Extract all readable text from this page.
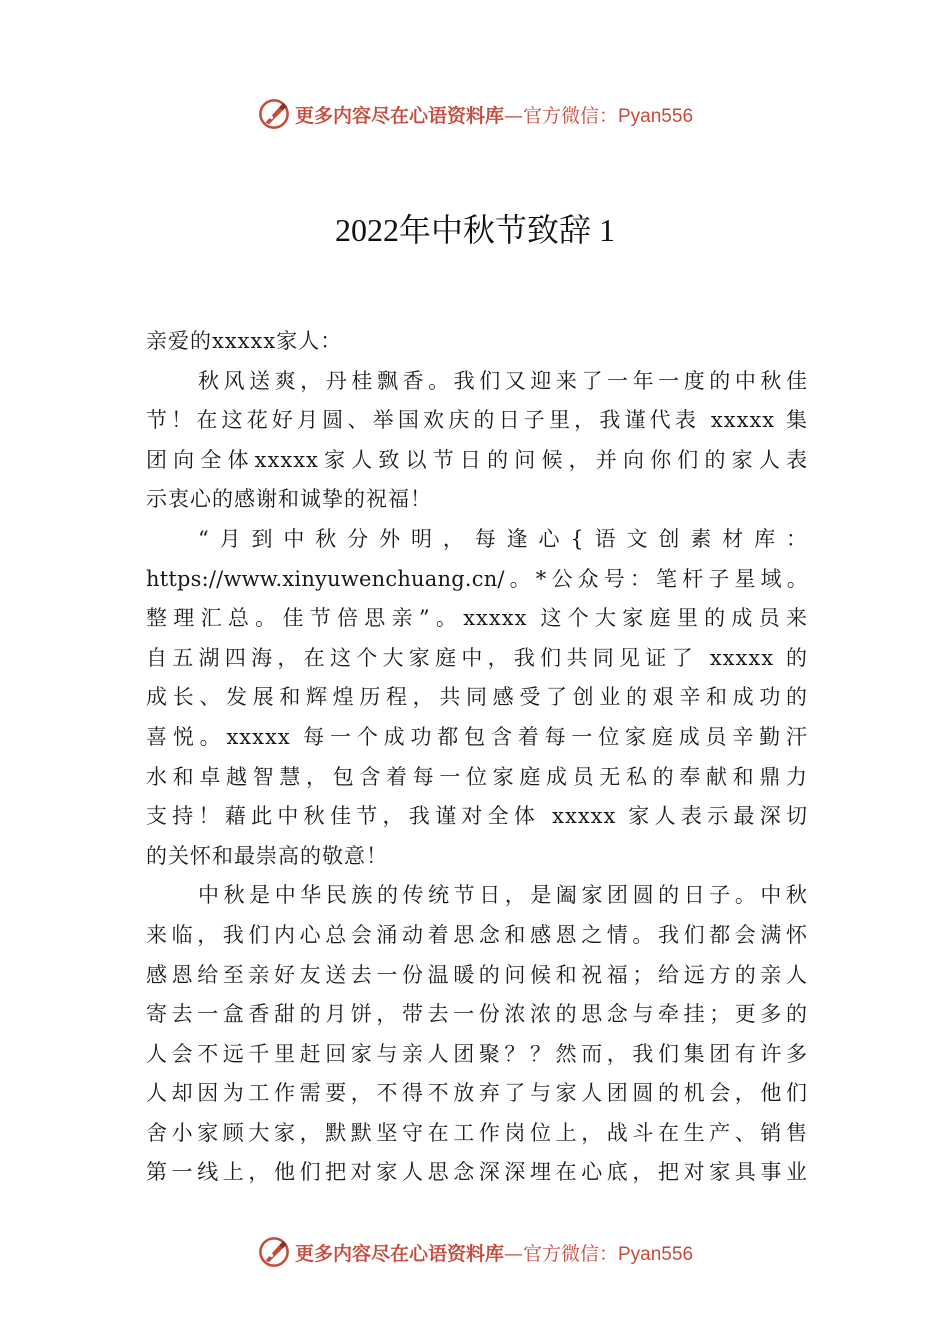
更多内容尽在心语资料库—官方微信：Pyan556
2022年中秋节致辞 1

亲爱的xxxxx家人：

秋风送爽，丹桂飘香。我们又迎来了一年一度的中秋佳
节！在这花好月圆、举国欢庆的日子里，我谨代表 xxxxx 集
团向全体xxxxx家人致以节日的问候，并向你们的家人表
示衷心的感谢和诚挚的祝福！

“月到中秋分外明，每逢心{语文创素材库：
https://www.xinyuwenchuang.cn/。*公众号：笔杆子星域。
整理汇总。佳节倍思亲”。xxxxx 这个大家庭里的成员来
自五湖四海，在这个大家庭中，我们共同见证了 xxxxx 的
成长、发展和辉煌历程，共同感受了创业的艰辛和成功的
喜悦。xxxxx 每一个成功都包含着每一位家庭成员辛勤汗
水和卓越智慧，包含着每一位家庭成员无私的奉献和鼎力
支持！藉此中秋佳节，我谨对全体 xxxxx 家人表示最深切
的关怀和最崇高的敬意！

中秋是中华民族的传统节日，是阖家团圆的日子。中秋
来临，我们内心总会涌动着思念和感恩之情。我们都会满怀
感恩给至亲好友送去一份温暖的问候和祝福；给远方的亲人
寄去一盒香甜的月饼，带去一份浓浓的思念与牵挂；更多的
人会不远千里赶回家与亲人团聚？？然而，我们集团有许多
人却因为工作需要，不得不放弃了与家人团圆的机会，他们
舍小家顾大家，默默坚守在工作岗位上，战斗在生产、销售
第一线上，他们把对家人思念深深埋在心底，把对家具事业

更多内容尽在心语资料库—官方微信：Pyan556
